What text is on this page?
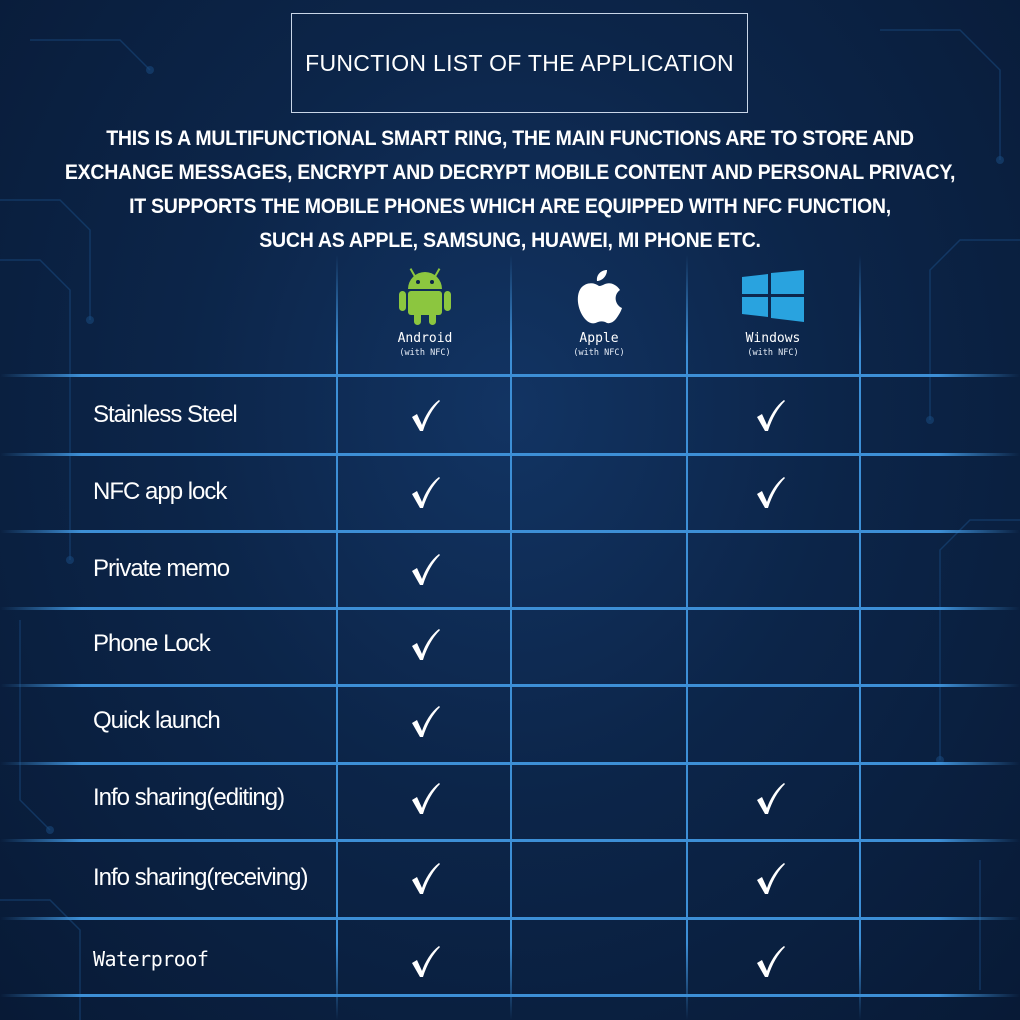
FUNCTION LIST OF THE APPLICATION
THIS IS A MULTIFUNCTIONAL SMART RING, THE MAIN FUNCTIONS ARE TO STORE AND
EXCHANGE MESSAGES, ENCRYPT AND DECRYPT MOBILE CONTENT AND PERSONAL PRIVACY,
IT SUPPORTS THE MOBILE PHONES WHICH ARE EQUIPPED WITH NFC FUNCTION,
SUCH AS APPLE, SAMSUNG, HUAWEI, MI PHONE ETC.
Android
(with NFC)
Apple
(with NFC)
Windows
(with NFC)
Stainless Steel
NFC app lock
Private memo
Phone Lock
Quick launch
Info sharing(editing)
Info sharing(receiving)
Waterproof
